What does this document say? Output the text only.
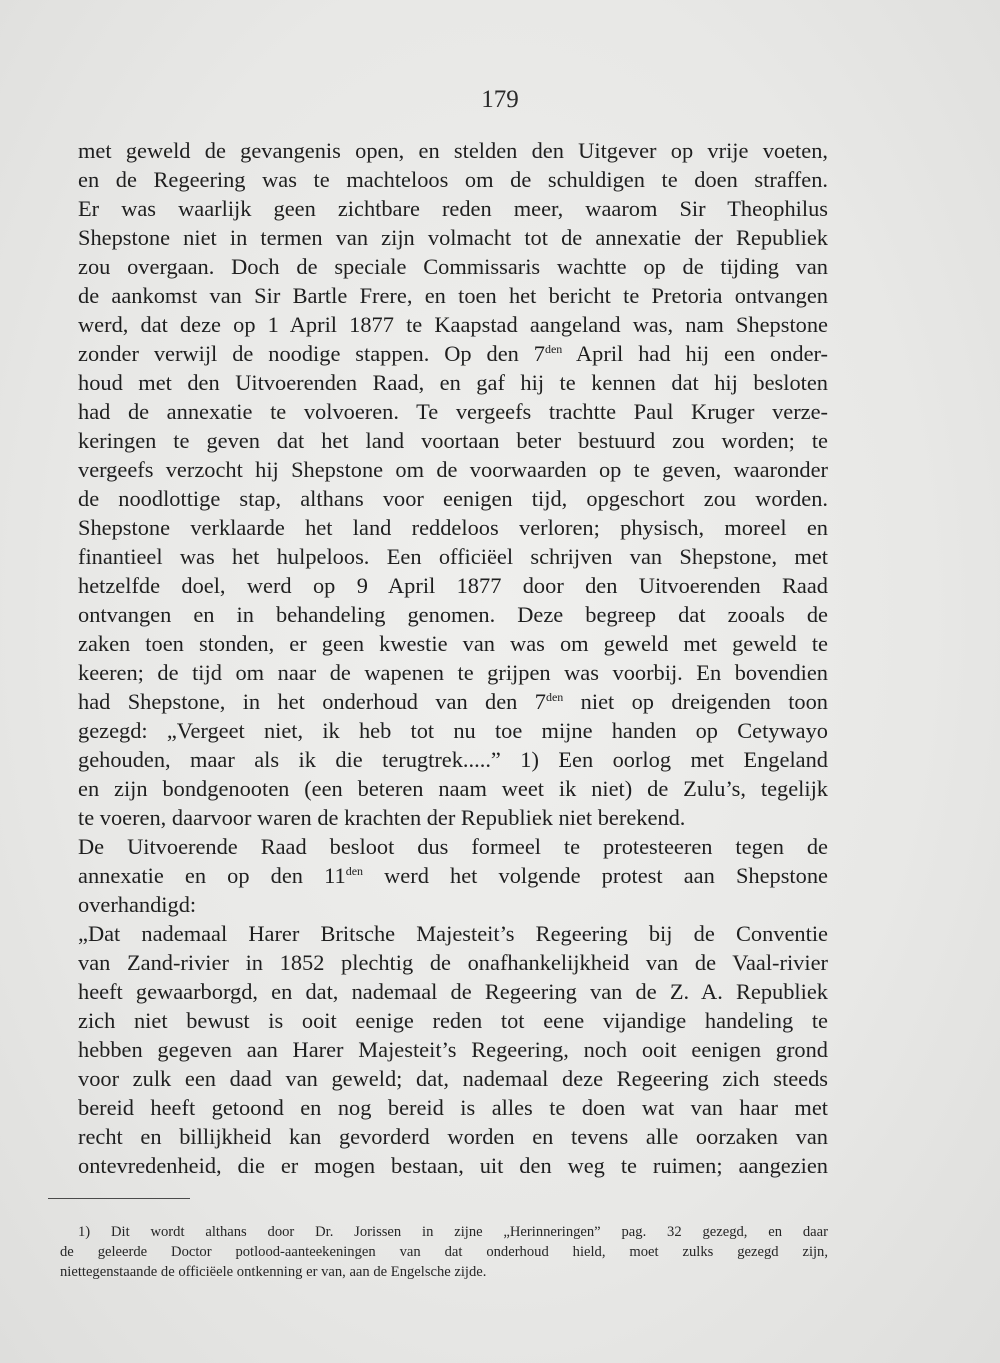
179
met geweld de gevangenis open, en stelden den Uitgever op vrije voeten,
en de Regeering was te machteloos om de schuldigen te doen straffen.
Er was waarlijk geen zichtbare reden meer, waarom Sir Theophilus
Shepstone niet in termen van zijn volmacht tot de annexatie der Republiek
zou overgaan. Doch de speciale Commissaris wachtte op de tijding van
de aankomst van Sir Bartle Frere, en toen het bericht te Pretoria ontvangen
werd, dat deze op 1 April 1877 te Kaapstad aangeland was, nam Shepstone
zonder verwijl de noodige stappen. Op den $7^{den}$ April had hij een onder-
houd met den Uitvoerenden Raad, en gaf hij te kennen dat hij besloten
had de annexatie te volvoeren. Te vergeefs trachtte Paul Kruger verze-
keringen te geven dat het land voortaan beter bestuurd zou worden; te
vergeefs verzocht hij Shepstone om de voorwaarden op te geven, waaronder
de noodlottige stap, althans voor eenigen tijd, opgeschort zou worden.
Shepstone verklaarde het land reddeloos verloren; physisch, moreel en
finantieel was het hulpeloos. Een officiëel schrijven van Shepstone, met
hetzelfde doel, werd op 9 April 1877 door den Uitvoerenden Raad
ontvangen en in behandeling genomen. Deze begreep dat zooals de
zaken toen stonden, er geen kwestie van was om geweld met geweld te
keeren; de tijd om naar de wapenen te grijpen was voorbij. En bovendien
had Shepstone, in het onderhoud van den $7^{den}$ niet op dreigenden toon
gezegd: „Vergeet niet, ik heb tot nu toe mijne handen op Cetywayo
gehouden, maar als ik die terugtrek.....” 1) Een oorlog met Engeland
en zijn bondgenooten (een beteren naam weet ik niet) de Zulu’s, tegelijk
te voeren, daarvoor waren de krachten der Republiek niet berekend.
De Uitvoerende Raad besloot dus formeel te protesteeren tegen de
annexatie en op den $11^{den}$ werd het volgende protest aan Shepstone
overhandigd:
„Dat nademaal Harer Britsche Majesteit’s Regeering bij de Conventie
van Zand-rivier in 1852 plechtig de onafhankelijkheid van de Vaal-rivier
heeft gewaarborgd, en dat, nademaal de Regeering van de Z. A. Republiek
zich niet bewust is ooit eenige reden tot eene vijandige handeling te
hebben gegeven aan Harer Majesteit’s Regeering, noch ooit eenigen grond
voor zulk een daad van geweld; dat, nademaal deze Regeering zich steeds
bereid heeft getoond en nog bereid is alles te doen wat van haar met
recht en billijkheid kan gevorderd worden en tevens alle oorzaken van
ontevredenheid, die er mogen bestaan, uit den weg te ruimen; aangezien
1) Dit wordt althans door Dr. Jorissen in zijne „Herinneringen” pag. 32 gezegd, en daar
de geleerde Doctor potlood-aanteekeningen van dat onderhoud hield, moet zulks gezegd zijn,
niettegenstaande de officiëele ontkenning er van, aan de Engelsche zijde.
